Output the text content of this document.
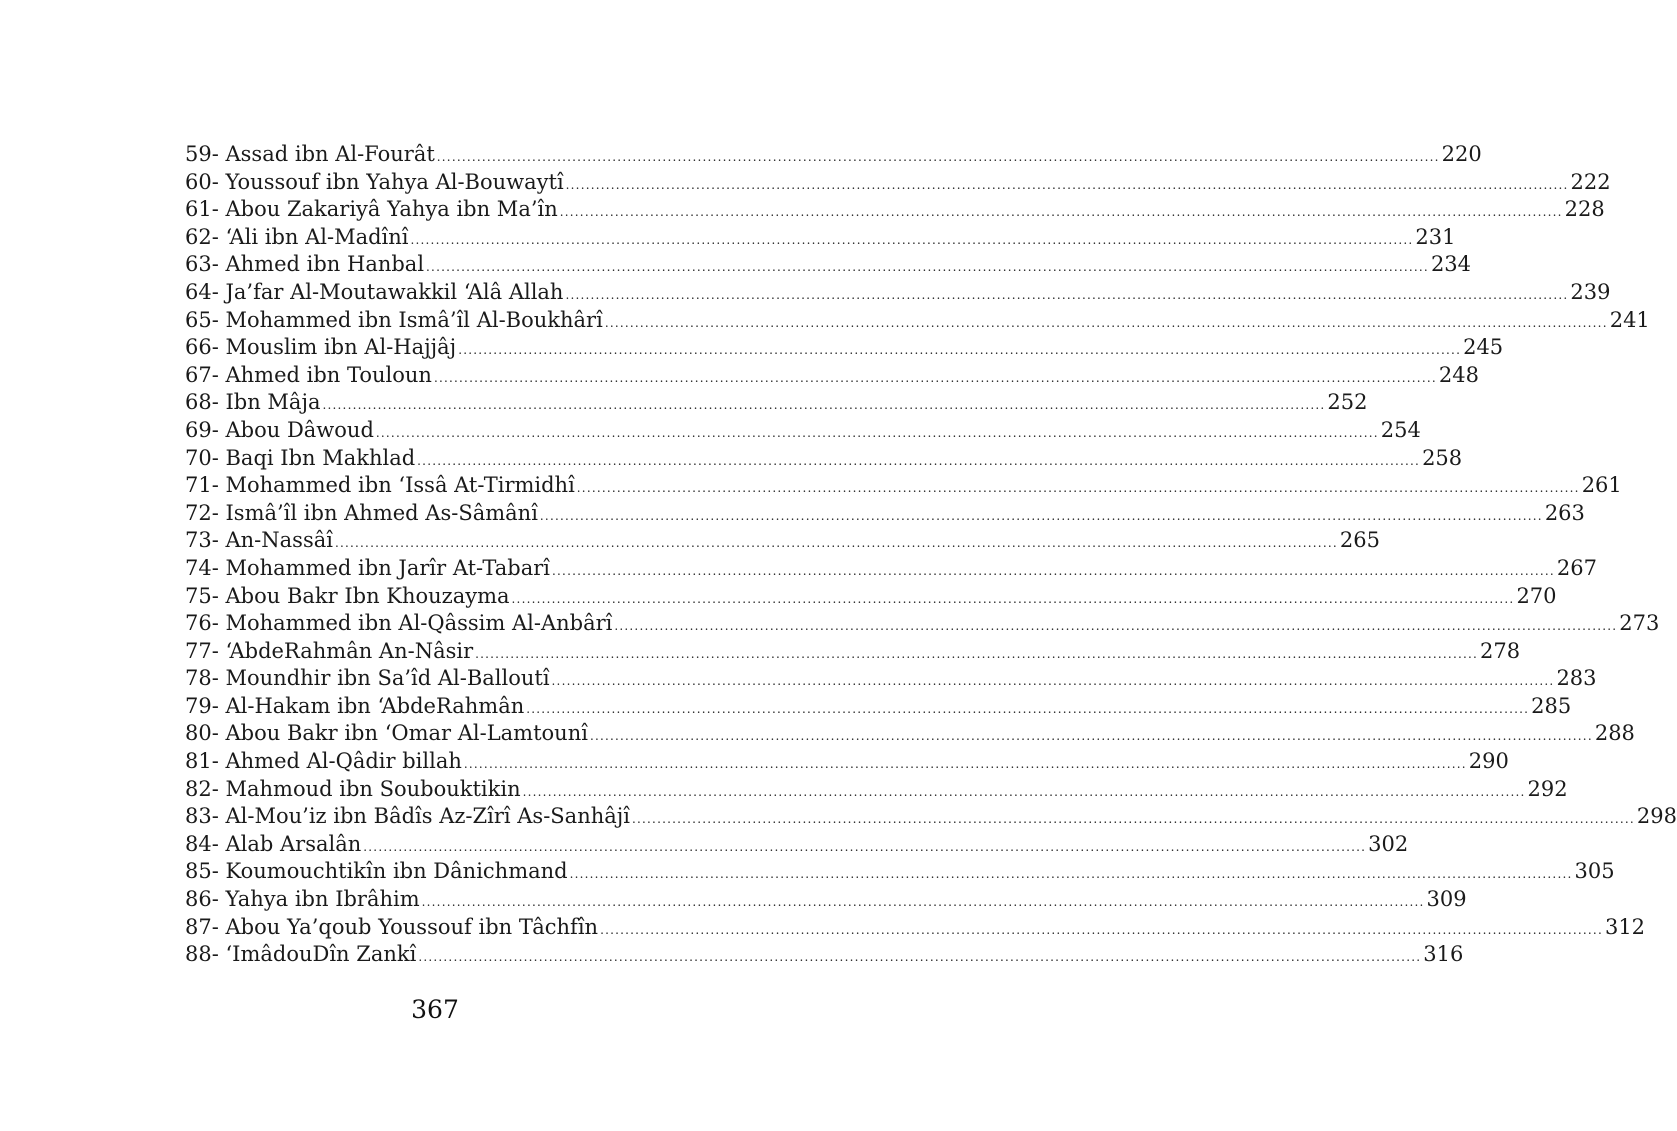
59- Assad ibn Al-Fourât ........................................................................................................................................................................................................ 220
60- Youssouf ibn Yahya Al-Bouwaytî ........................................................................................................................................................................................................ 222
61- Abou Zakariyâ Yahya ibn Ma’în ........................................................................................................................................................................................................ 228
62- ‘Ali ibn Al-Madînî ........................................................................................................................................................................................................ 231
63- Ahmed ibn Hanbal ........................................................................................................................................................................................................ 234
64- Ja’far Al-Moutawakkil ‘Alâ Allah ........................................................................................................................................................................................................ 239
65- Mohammed ibn Ismâ’îl Al-Boukhârî ........................................................................................................................................................................................................ 241
66- Mouslim ibn Al-Hajjâj ........................................................................................................................................................................................................ 245
67- Ahmed ibn Touloun ........................................................................................................................................................................................................ 248
68- Ibn Mâja ........................................................................................................................................................................................................ 252
69- Abou Dâwoud ........................................................................................................................................................................................................ 254
70- Baqi Ibn Makhlad ........................................................................................................................................................................................................ 258
71- Mohammed ibn ‘Issâ At-Tirmidhî ........................................................................................................................................................................................................ 261
72- Ismâ’îl ibn Ahmed As-Sâmânî ........................................................................................................................................................................................................ 263
73- An-Nassâî ........................................................................................................................................................................................................ 265
74- Mohammed ibn Jarîr At-Tabarî ........................................................................................................................................................................................................ 267
75- Abou Bakr Ibn Khouzayma ........................................................................................................................................................................................................ 270
76- Mohammed ibn Al-Qâssim Al-Anbârî ........................................................................................................................................................................................................ 273
77- ‘AbdeRahmân An-Nâsir ........................................................................................................................................................................................................ 278
78- Moundhir ibn Sa’îd Al-Balloutî ........................................................................................................................................................................................................ 283
79- Al-Hakam ibn ‘AbdeRahmân ........................................................................................................................................................................................................ 285
80- Abou Bakr ibn ‘Omar Al-Lamtounî ........................................................................................................................................................................................................ 288
81- Ahmed Al-Qâdir billah ........................................................................................................................................................................................................ 290
82- Mahmoud ibn Soubouktikin ........................................................................................................................................................................................................ 292
83- Al-Mou’iz ibn Bâdîs Az-Zîrî As-Sanhâjî ........................................................................................................................................................................................................ 298
84- Alab Arsalân ........................................................................................................................................................................................................ 302
85- Koumouchtikîn ibn Dânichmand ........................................................................................................................................................................................................ 305
86- Yahya ibn Ibrâhim ........................................................................................................................................................................................................ 309
87- Abou Ya’qoub Youssouf ibn Tâchfîn ........................................................................................................................................................................................................ 312
88- ‘ImâdouDîn Zankî ........................................................................................................................................................................................................ 316
367
